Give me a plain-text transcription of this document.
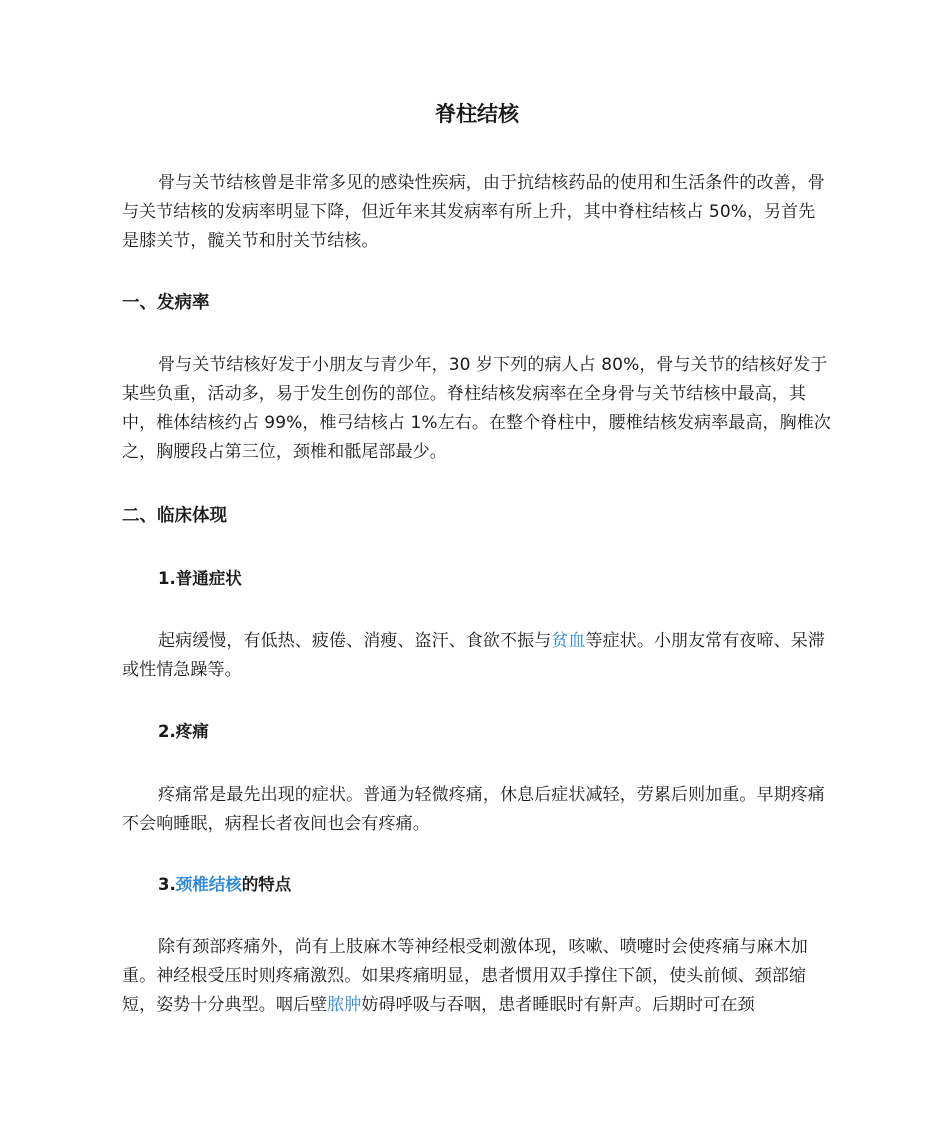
脊柱结核

骨与关节结核曾是非常多见的感染性疾病，由于抗结核药品的使用和生活条件的改善，骨与关节结核的发病率明显下降，但近年来其发病率有所上升，其中脊柱结核占 50%，另首先是膝关节，髋关节和肘关节结核。

一、发病率

骨与关节结核好发于小朋友与青少年，30 岁下列的病人占 80%，骨与关节的结核好发于某些负重，活动多，易于发生创伤的部位。脊柱结核发病率在全身骨与关节结核中最高，其中，椎体结核约占 99%，椎弓结核占 1%左右。在整个脊柱中，腰椎结核发病率最高，胸椎次之，胸腰段占第三位，颈椎和骶尾部最少。

二、临床体现
1.普通症状

起病缓慢，有低热、疲倦、消瘦、盗汗、食欲不振与贫血等症状。小朋友常有夜啼、呆滞或性情急躁等。

2.疼痛

疼痛常是最先出现的症状。普通为轻微疼痛，休息后症状减轻，劳累后则加重。早期疼痛不会响睡眠，病程长者夜间也会有疼痛。

3.颈椎结核的特点

除有颈部疼痛外，尚有上肢麻木等神经根受刺激体现，咳嗽、喷嚏时会使疼痛与麻木加重。神经根受压时则疼痛激烈。如果疼痛明显，患者惯用双手撑住下颌，使头前倾、颈部缩短，姿势十分典型。咽后壁脓肿妨碍呼吸与吞咽，患者睡眠时有鼾声。后期时可在颈
